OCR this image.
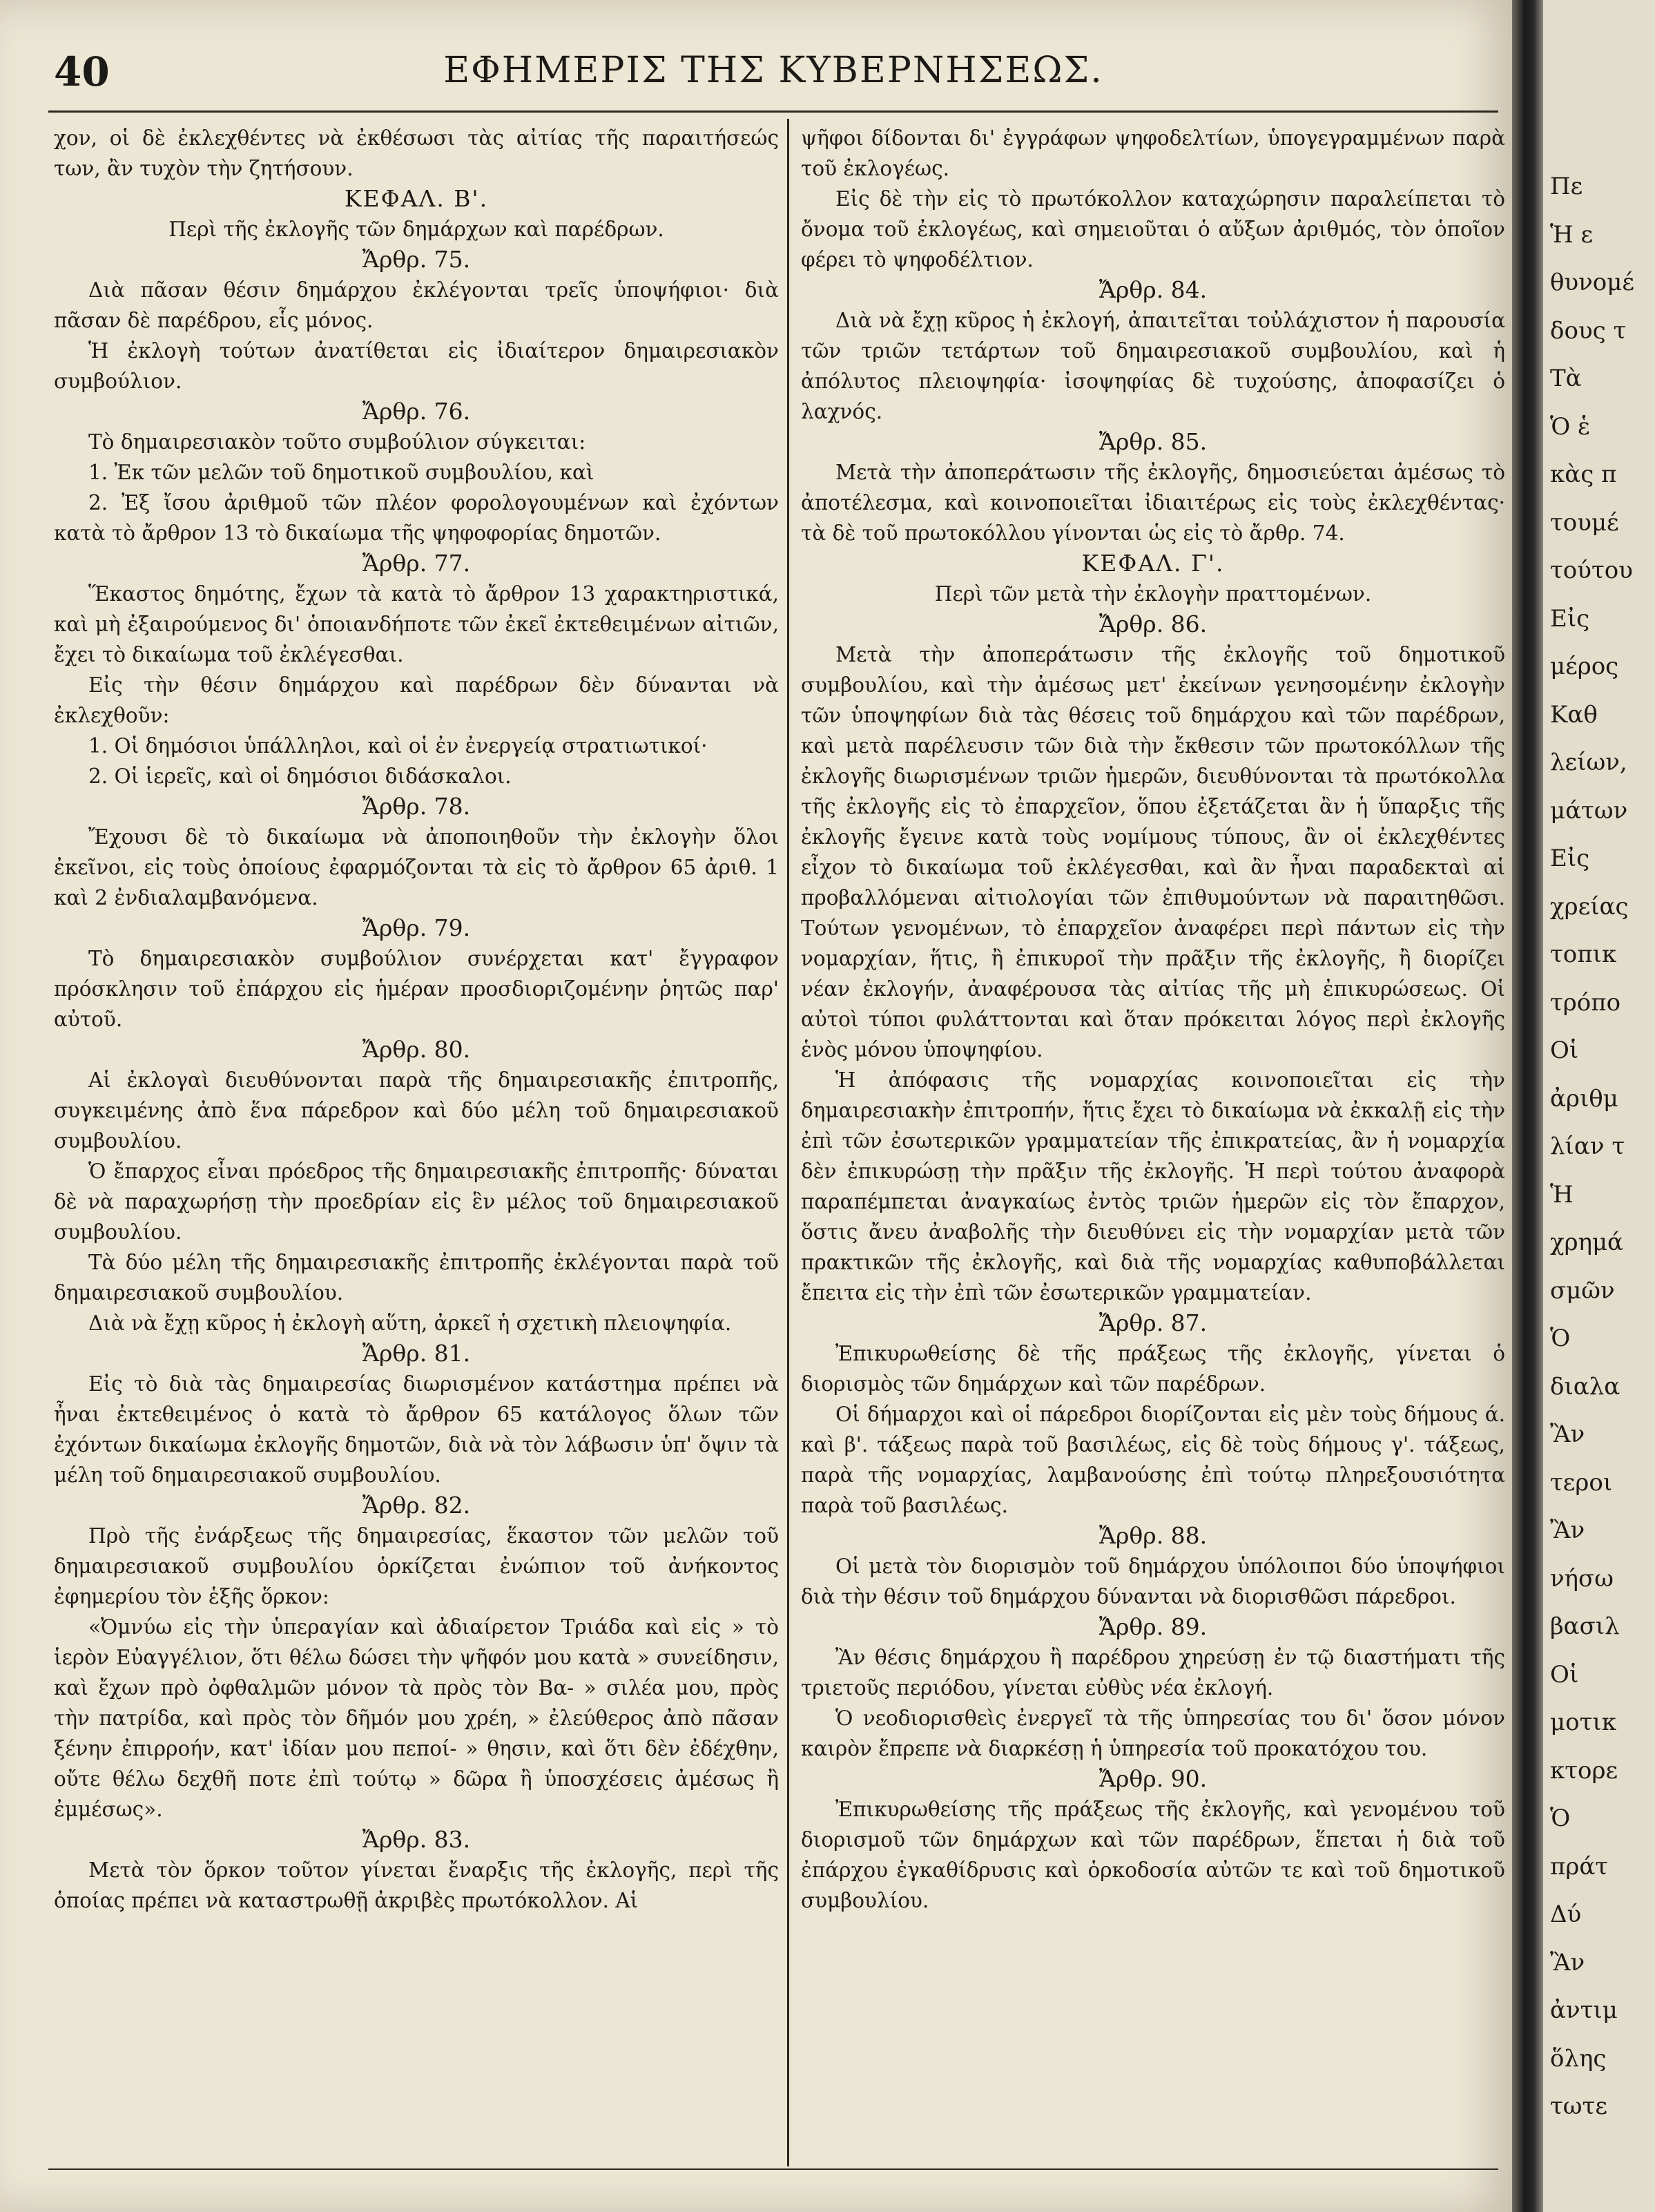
Πε
Ἡ ε
θυνομέ
δους τ
Τὰ
Ὁ ἑ
κὰς π
τουμέ
τούτου
Εἰς
μέρος
Καθ
λείων,
μάτων
Εἰς
χρείας
τοπικ
τρόπο
Οἱ
ἀριθμ
λίαν τ
Ἡ
χρημά
σμῶν
Ὁ
διαλα
Ἂν
τεροι
Ἂν
νήσω
βασιλ
Οἱ
μοτικ
κτορε
Ὁ
πράτ
Δύ
Ἂν
ἀντιμ
ὅλης
τωτε
40	ΕΦΗΜΕΡΙΣ ΤΗΣ ΚΥΒΕΡΝΗΣΕΩΣ.

χον, οἱ δὲ ἐκλεχθέντες νὰ ἐκθέσωσι τὰς αἰτίας τῆς παραιτήσεώς των, ἂν τυχὸν τὴν ζητήσουν.

ΚΕΦΑΛ. Β'.

Περὶ τῆς ἐκλογῆς τῶν δημάρχων καὶ παρέδρων.

Ἄρθρ. 75.

Διὰ πᾶσαν θέσιν δημάρχου ἐκλέγονται τρεῖς ὑποψήφιοι· διὰ πᾶσαν δὲ παρέδρου, εἷς μόνος.

Ἡ ἐκλογὴ τούτων ἀνατίθεται εἰς ἰδιαίτερον δημαιρεσιακὸν συμβούλιον.

Ἄρθρ. 76.

Τὸ δημαιρεσιακὸν τοῦτο συμβούλιον σύγκειται:

1. Ἐκ τῶν μελῶν τοῦ δημοτικοῦ συμβουλίου, καὶ

2. Ἐξ ἴσου ἀριθμοῦ τῶν πλέον φορολογουμένων καὶ ἐχόντων κατὰ τὸ ἄρθρον 13 τὸ δικαίωμα τῆς ψηφοφορίας δημοτῶν.

Ἄρθρ. 77.

Ἕκαστος δημότης, ἔχων τὰ κατὰ τὸ ἄρθρον 13 χαρακτηριστικά, καὶ μὴ ἐξαιρούμενος δι' ὁποιανδήποτε τῶν ἐκεῖ ἐκτεθειμένων αἰτιῶν, ἔχει τὸ δικαίωμα τοῦ ἐκλέγεσθαι.

Εἰς τὴν θέσιν δημάρχου καὶ παρέδρων δὲν δύνανται νὰ ἐκλεχθοῦν:

1. Οἱ δημόσιοι ὑπάλληλοι, καὶ οἱ ἐν ἐνεργείᾳ στρατιωτικοί·

2. Οἱ ἱερεῖς, καὶ οἱ δημόσιοι διδάσκαλοι.

Ἄρθρ. 78.

Ἔχουσι δὲ τὸ δικαίωμα νὰ ἀποποιηθοῦν τὴν ἐκλογὴν ὅλοι ἐκεῖνοι, εἰς τοὺς ὁποίους ἐφαρμόζονται τὰ εἰς τὸ ἄρθρον 65 ἀριθ. 1 καὶ 2 ἐνδιαλαμβανόμενα.

Ἄρθρ. 79.

Τὸ δημαιρεσιακὸν συμβούλιον συνέρχεται κατ' ἔγγραφον πρόσκλησιν τοῦ ἐπάρχου εἰς ἡμέραν προσδιοριζομένην ῥητῶς παρ' αὐτοῦ.

Ἄρθρ. 80.

Αἱ ἐκλογαὶ διευθύνονται παρὰ τῆς δημαιρεσιακῆς ἐπιτροπῆς, συγκειμένης ἀπὸ ἕνα πάρεδρον καὶ δύο μέλη τοῦ δημαιρεσιακοῦ συμβουλίου.

Ὁ ἔπαρχος εἶναι πρόεδρος τῆς δημαιρεσιακῆς ἐπιτροπῆς· δύναται δὲ νὰ παραχωρήσῃ τὴν προεδρίαν εἰς ἓν μέλος τοῦ δημαιρεσιακοῦ συμβουλίου.

Τὰ δύο μέλη τῆς δημαιρεσιακῆς ἐπιτροπῆς ἐκλέγονται παρὰ τοῦ δημαιρεσιακοῦ συμβουλίου.

Διὰ νὰ ἔχῃ κῦρος ἡ ἐκλογὴ αὕτη, ἀρκεῖ ἡ σχετικὴ πλειοψηφία.

Ἄρθρ. 81.

Εἰς τὸ διὰ τὰς δημαιρεσίας διωρισμένον κατάστημα πρέπει νὰ ἦναι ἐκτεθειμένος ὁ κατὰ τὸ ἄρθρον 65 κατάλογος ὅλων τῶν ἐχόντων δικαίωμα ἐκλογῆς δημοτῶν, διὰ νὰ τὸν λάβωσιν ὑπ' ὄψιν τὰ μέλη τοῦ δημαιρεσιακοῦ συμβουλίου.

Ἄρθρ. 82.

Πρὸ τῆς ἐνάρξεως τῆς δημαιρεσίας, ἕκαστον τῶν μελῶν τοῦ δημαιρεσιακοῦ συμβουλίου ὁρκίζεται ἐνώπιον τοῦ ἀνήκοντος ἐφημερίου τὸν ἑξῆς ὅρκον:

«Ὀμνύω εἰς τὴν ὑπεραγίαν καὶ ἀδιαίρετον Τριάδα καὶ εἰς » τὸ ἱερὸν Εὐαγγέλιον, ὅτι θέλω δώσει τὴν ψῆφόν μου κατὰ » συνείδησιν, καὶ ἔχων πρὸ ὀφθαλμῶν μόνον τὰ πρὸς τὸν Βα- » σιλέα μου, πρὸς τὴν πατρίδα, καὶ πρὸς τὸν δῆμόν μου χρέη, » ἐλεύθερος ἀπὸ πᾶσαν ξένην ἐπιρροήν, κατ' ἰδίαν μου πεποί- » θησιν, καὶ ὅτι δὲν ἐδέχθην, οὔτε θέλω δεχθῆ ποτε ἐπὶ τούτῳ » δῶρα ἢ ὑποσχέσεις ἀμέσως ἢ ἐμμέσως».

Ἄρθρ. 83.

Μετὰ τὸν ὅρκον τοῦτον γίνεται ἔναρξις τῆς ἐκλογῆς, περὶ τῆς ὁποίας πρέπει νὰ καταστρωθῇ ἀκριβὲς πρωτόκολλον. Αἱ

ψῆφοι δίδονται δι' ἐγγράφων ψηφοδελτίων, ὑπογεγραμμένων παρὰ τοῦ ἐκλογέως.

Εἰς δὲ τὴν εἰς τὸ πρωτόκολλον καταχώρησιν παραλείπεται τὸ ὄνομα τοῦ ἐκλογέως, καὶ σημειοῦται ὁ αὔξων ἀριθμός, τὸν ὁποῖον φέρει τὸ ψηφοδέλτιον.

Ἄρθρ. 84.

Διὰ νὰ ἔχῃ κῦρος ἡ ἐκλογή, ἀπαιτεῖται τοὐλάχιστον ἡ παρουσία τῶν τριῶν τετάρτων τοῦ δημαιρεσιακοῦ συμβουλίου, καὶ ἡ ἀπόλυτος πλειοψηφία· ἰσοψηφίας δὲ τυχούσης, ἀποφασίζει ὁ λαχνός.

Ἄρθρ. 85.

Μετὰ τὴν ἀποπεράτωσιν τῆς ἐκλογῆς, δημοσιεύεται ἀμέσως τὸ ἀποτέλεσμα, καὶ κοινοποιεῖται ἰδιαιτέρως εἰς τοὺς ἐκλεχθέντας· τὰ δὲ τοῦ πρωτοκόλλου γίνονται ὡς εἰς τὸ ἄρθρ. 74.

ΚΕΦΑΛ. Γ'.

Περὶ τῶν μετὰ τὴν ἐκλογὴν πραττομένων.

Ἄρθρ. 86.

Μετὰ τὴν ἀποπεράτωσιν τῆς ἐκλογῆς τοῦ δημοτικοῦ συμβουλίου, καὶ τὴν ἀμέσως μετ' ἐκείνων γενησομένην ἐκλογὴν τῶν ὑποψηφίων διὰ τὰς θέσεις τοῦ δημάρχου καὶ τῶν παρέδρων, καὶ μετὰ παρέλευσιν τῶν διὰ τὴν ἔκθεσιν τῶν πρωτοκόλλων τῆς ἐκλογῆς διωρισμένων τριῶν ἡμερῶν, διευθύνονται τὰ πρωτόκολλα τῆς ἐκλογῆς εἰς τὸ ἐπαρχεῖον, ὅπου ἐξετάζεται ἂν ἡ ὕπαρξις τῆς ἐκλογῆς ἔγεινε κατὰ τοὺς νομίμους τύπους, ἂν οἱ ἐκλεχθέντες εἶχον τὸ δικαίωμα τοῦ ἐκλέγεσθαι, καὶ ἂν ἦναι παραδεκταὶ αἱ προβαλλόμεναι αἰτιολογίαι τῶν ἐπιθυμούντων νὰ παραιτηθῶσι. Τούτων γενομένων, τὸ ἐπαρχεῖον ἀναφέρει περὶ πάντων εἰς τὴν νομαρχίαν, ἥτις, ἢ ἐπικυροῖ τὴν πρᾶξιν τῆς ἐκλογῆς, ἢ διορίζει νέαν ἐκλογήν, ἀναφέρουσα τὰς αἰτίας τῆς μὴ ἐπικυρώσεως. Οἱ αὐτοὶ τύποι φυλάττονται καὶ ὅταν πρόκειται λόγος περὶ ἐκλογῆς ἑνὸς μόνου ὑποψηφίου.

Ἡ ἀπόφασις τῆς νομαρχίας κοινοποιεῖται εἰς τὴν δημαιρεσιακὴν ἐπιτροπήν, ἥτις ἔχει τὸ δικαίωμα νὰ ἐκκαλῇ εἰς τὴν ἐπὶ τῶν ἐσωτερικῶν γραμματείαν τῆς ἐπικρατείας, ἂν ἡ νομαρχία δὲν ἐπικυρώσῃ τὴν πρᾶξιν τῆς ἐκλογῆς. Ἡ περὶ τούτου ἀναφορὰ παραπέμπεται ἀναγκαίως ἐντὸς τριῶν ἡμερῶν εἰς τὸν ἔπαρχον, ὅστις ἄνευ ἀναβολῆς τὴν διευθύνει εἰς τὴν νομαρχίαν μετὰ τῶν πρακτικῶν τῆς ἐκλογῆς, καὶ διὰ τῆς νομαρχίας καθυποβάλλεται ἔπειτα εἰς τὴν ἐπὶ τῶν ἐσωτερικῶν γραμματείαν.

Ἄρθρ. 87.

Ἐπικυρωθείσης δὲ τῆς πράξεως τῆς ἐκλογῆς, γίνεται ὁ διορισμὸς τῶν δημάρχων καὶ τῶν παρέδρων.

Οἱ δήμαρχοι καὶ οἱ πάρεδροι διορίζονται εἰς μὲν τοὺς δήμους ά. καὶ β'. τάξεως παρὰ τοῦ βασιλέως, εἰς δὲ τοὺς δήμους γ'. τάξεως, παρὰ τῆς νομαρχίας, λαμβανούσης ἐπὶ τούτῳ πληρεξουσιότητα παρὰ τοῦ βασιλέως.

Ἄρθρ. 88.

Οἱ μετὰ τὸν διορισμὸν τοῦ δημάρχου ὑπόλοιποι δύο ὑποψήφιοι διὰ τὴν θέσιν τοῦ δημάρχου δύνανται νὰ διορισθῶσι πάρεδροι.

Ἄρθρ. 89.

Ἂν θέσις δημάρχου ἢ παρέδρου χηρεύσῃ ἐν τῷ διαστήματι τῆς τριετοῦς περιόδου, γίνεται εὐθὺς νέα ἐκλογή.

Ὁ νεοδιορισθεὶς ἐνεργεῖ τὰ τῆς ὑπηρεσίας του δι' ὅσον μόνον καιρὸν ἔπρεπε νὰ διαρκέσῃ ἡ ὑπηρεσία τοῦ προκατόχου του.

Ἄρθρ. 90.

Ἐπικυρωθείσης τῆς πράξεως τῆς ἐκλογῆς, καὶ γενομένου τοῦ διορισμοῦ τῶν δημάρχων καὶ τῶν παρέδρων, ἕπεται ἡ διὰ τοῦ ἐπάρχου ἐγκαθίδρυσις καὶ ὁρκοδοσία αὐτῶν τε καὶ τοῦ δημοτικοῦ συμβουλίου.
